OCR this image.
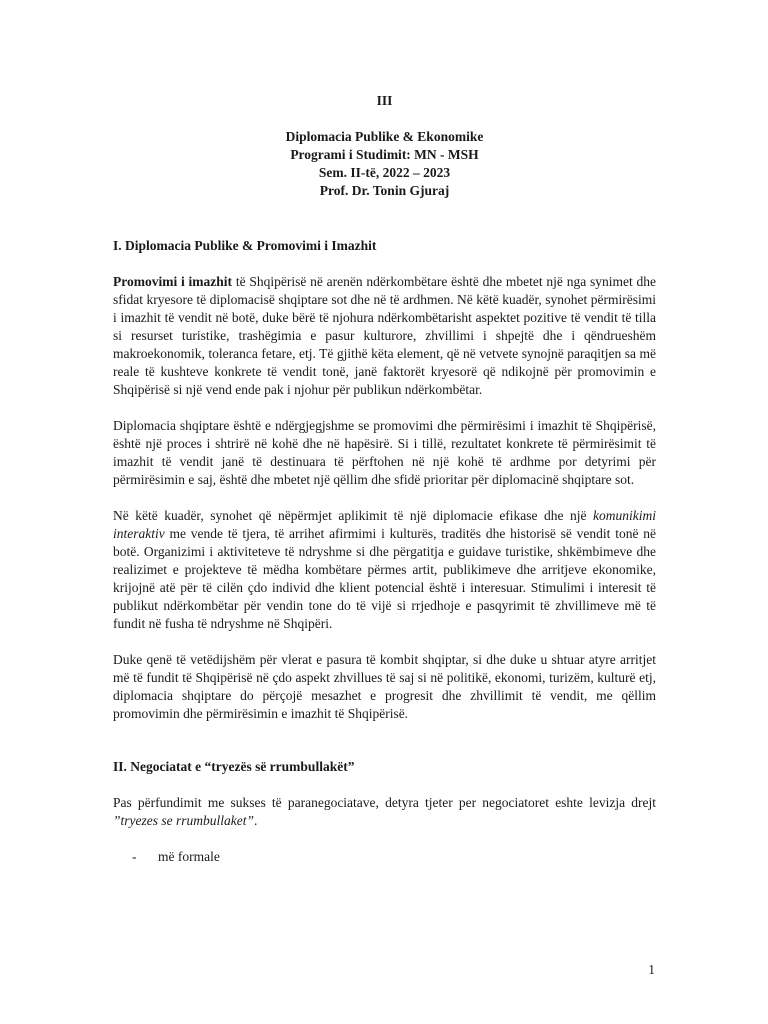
III
Diplomacia Publike & Ekonomike
Programi i Studimit: MN - MSH
Sem. II-të, 2022 – 2023
Prof. Dr. Tonin Gjuraj
I. Diplomacia Publike & Promovimi i Imazhit

Promovimi i imazhit të Shqipërisë në arenën ndërkombëtare është dhe mbetet një nga synimet dhe sfidat kryesore të diplomacisë shqiptare sot dhe në të ardhmen. Në këtë kuadër, synohet përmirësimi i imazhit të vendit në botë, duke bërë të njohura ndërkombëtarisht aspektet pozitive të vendit të tilla si resurset turistike, trashëgimia e pasur kulturore, zhvillimi i shpejtë dhe i qëndrueshëm makroekonomik, toleranca fetare, etj. Të gjithë këta element, që në vetvete synojnë paraqitjen sa më reale të kushteve konkrete të vendit tonë, janë faktorët kryesorë që ndikojnë për promovimin e Shqipërisë si një vend ende pak i njohur për publikun ndërkombëtar.

Diplomacia shqiptare është e ndërgjegjshme se promovimi dhe përmirësimi i imazhit të Shqipërisë, është një proces i shtrirë në kohë dhe në hapësirë. Si i tillë, rezultatet konkrete të përmirësimit të imazhit të vendit janë të destinuara të përftohen në një kohë të ardhme por detyrimi për përmirësimin e saj, është dhe mbetet një qëllim dhe sfidë prioritar për diplomacinë shqiptare sot.

Në këtë kuadër, synohet që nëpërmjet aplikimit të një diplomacie efikase dhe një komunikimi interaktiv me vende të tjera, të arrihet afirmimi i kulturës, traditës dhe historisë së vendit tonë në botë. Organizimi i aktiviteteve të ndryshme si dhe përgatitja e guidave turistike, shkëmbimeve dhe realizimet e projekteve të mëdha kombëtare përmes artit, publikimeve dhe arritjeve ekonomike, krijojnë atë për të cilën çdo individ dhe klient potencial është i interesuar. Stimulimi i interesit të publikut ndërkombëtar për vendin tone do të vijë si rrjedhoje e pasqyrimit të zhvillimeve më të fundit në fusha të ndryshme në Shqipëri.

Duke qenë të vetëdijshëm për vlerat e pasura të kombit shqiptar, si dhe duke u shtuar atyre arritjet më të fundit të Shqipërisë në çdo aspekt zhvillues të saj si në politikë, ekonomi, turizëm, kulturë etj, diplomacia shqiptare do përçojë mesazhet e progresit dhe zhvillimit të vendit, me qëllim promovimin dhe përmirësimin e imazhit të Shqipërisë.

II. Negociatat e “tryezës së rrumbullakët”

Pas përfundimit me sukses të paranegociatave, detyra tjeter per negociatoret eshte levizja drejt ”tryezes se rrumbullaket”.

-	më formale
1
